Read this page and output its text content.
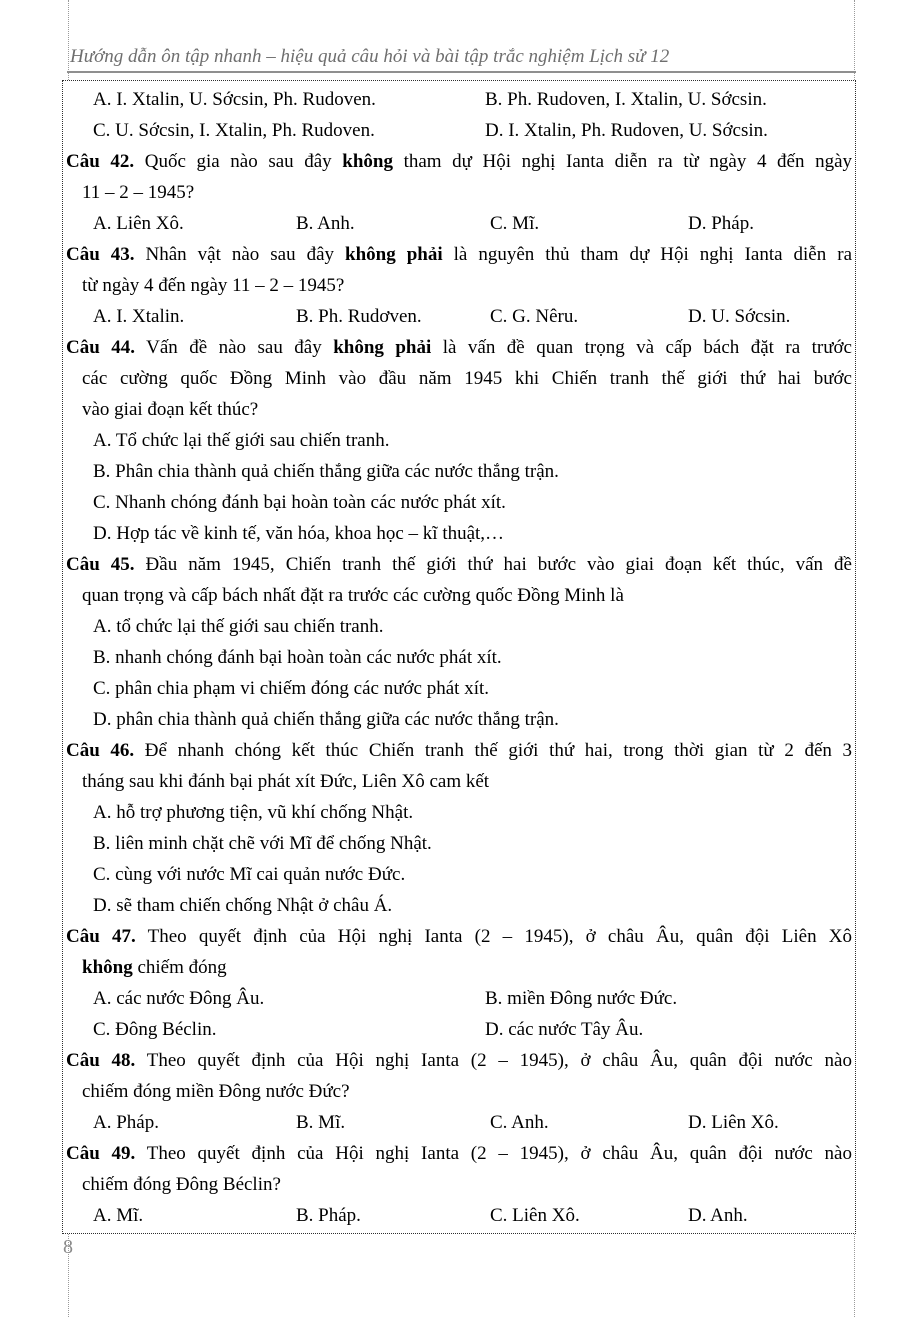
Hướng dẫn ôn tập nhanh – hiệu quả câu hỏi và bài tập trắc nghiệm Lịch sử 12
A. I. Xtalin, U. Sớcsin, Ph. Rudoven.	B. Ph. Rudoven, I. Xtalin, U. Sớcsin.
C. U. Sớcsin, I. Xtalin, Ph. Rudoven.	D. I. Xtalin, Ph. Rudoven, U. Sớcsin.
Câu 42. Quốc gia nào sau đây không tham dự Hội nghị Ianta diễn ra từ ngày 4 đến ngày
11 – 2 – 1945?
A. Liên Xô.	B. Anh.	C. Mĩ.	D. Pháp.
Câu 43. Nhân vật nào sau đây không phải là nguyên thủ tham dự Hội nghị Ianta diễn ra
từ ngày 4 đến ngày 11 – 2 – 1945?
A. I. Xtalin.	B. Ph. Rudơven.	C. G. Nêru.	D. U. Sớcsin.
Câu 44. Vấn đề nào sau đây không phải là vấn đề quan trọng và cấp bách đặt ra trước
các cường quốc Đồng Minh vào đầu năm 1945 khi Chiến tranh thế giới thứ hai bước
vào giai đoạn kết thúc?
A. Tổ chức lại thế giới sau chiến tranh.
B. Phân chia thành quả chiến thắng giữa các nước thắng trận.
C. Nhanh chóng đánh bại hoàn toàn các nước phát xít.
D. Hợp tác về kinh tế, văn hóa, khoa học – kĩ thuật,…
Câu 45. Đầu năm 1945, Chiến tranh thế giới thứ hai bước vào giai đoạn kết thúc, vấn đề
quan trọng và cấp bách nhất đặt ra trước các cường quốc Đồng Minh là
A. tổ chức lại thế giới sau chiến tranh.
B. nhanh chóng đánh bại hoàn toàn các nước phát xít.
C. phân chia phạm vi chiếm đóng các nước phát xít.
D. phân chia thành quả chiến thắng giữa các nước thắng trận.
Câu 46. Để nhanh chóng kết thúc Chiến tranh thế giới thứ hai, trong thời gian từ 2 đến 3
tháng sau khi đánh bại phát xít Đức, Liên Xô cam kết
A. hỗ trợ phương tiện, vũ khí chống Nhật.
B. liên minh chặt chẽ với Mĩ để chống Nhật.
C. cùng với nước Mĩ cai quản nước Đức.
D. sẽ tham chiến chống Nhật ở châu Á.
Câu 47. Theo quyết định của Hội nghị Ianta (2 – 1945), ở châu Âu, quân đội Liên Xô
không chiếm đóng
A. các nước Đông Âu.	B. miền Đông nước Đức.
C. Đông Béclin.	D. các nước Tây Âu.
Câu 48. Theo quyết định của Hội nghị Ianta (2 – 1945), ở châu Âu, quân đội nước nào
chiếm đóng miền Đông nước Đức?
A. Pháp.	B. Mĩ.	C. Anh.	D. Liên Xô.
Câu 49. Theo quyết định của Hội nghị Ianta (2 – 1945), ở châu Âu, quân đội nước nào
chiếm đóng Đông Béclin?
A. Mĩ.	B. Pháp.	C. Liên Xô.	D. Anh.
8
